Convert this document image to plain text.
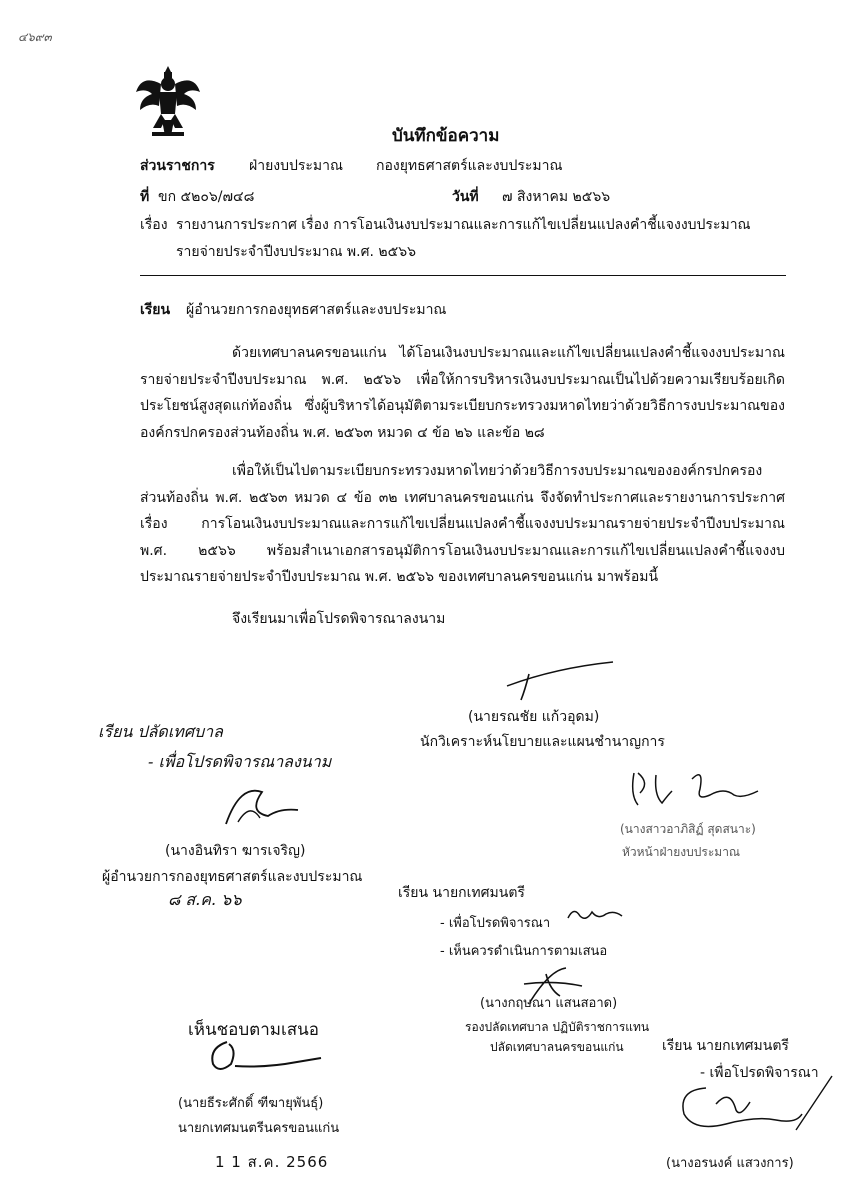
๔๖๙๓
บันทึกข้อความ
ส่วนราชการ ฝ่ายงบประมาณ กองยุทธศาสตร์และงบประมาณ
ที่ ขก ๕๒๐๖/๗๔๘	วันที่ ๗ สิงหาคม ๒๕๖๖
เรื่อง รายงานการประกาศ เรื่อง การโอนเงินงบประมาณและการแก้ไขเปลี่ยนแปลงคำชี้แจงงบประมาณ
รายจ่ายประจำปีงบประมาณ พ.ศ. ๒๕๖๖
เรียน ผู้อำนวยการกองยุทธศาสตร์และงบประมาณ
ด้วยเทศบาลนครขอนแก่น ได้โอนเงินงบประมาณและแก้ไขเปลี่ยนแปลงคำชี้แจงงบประมาณรายจ่ายประจำปีงบประมาณ พ.ศ. ๒๕๖๖ เพื่อให้การบริหารเงินงบประมาณเป็นไปด้วยความเรียบร้อยเกิดประโยชน์สูงสุดแก่ท้องถิ่น ซึ่งผู้บริหารได้อนุมัติตามระเบียบกระทรวงมหาดไทยว่าด้วยวิธีการงบประมาณขององค์กรปกครองส่วนท้องถิ่น พ.ศ. ๒๕๖๓ หมวด ๔ ข้อ ๒๖ และข้อ ๒๘
เพื่อให้เป็นไปตามระเบียบกระทรวงมหาดไทยว่าด้วยวิธีการงบประมาณขององค์กรปกครองส่วนท้องถิ่น พ.ศ. ๒๕๖๓ หมวด ๔ ข้อ ๓๒ เทศบาลนครขอนแก่น จึงจัดทำประกาศและรายงานการประกาศ เรื่อง การโอนเงินงบประมาณและการแก้ไขเปลี่ยนแปลงคำชี้แจงงบประมาณรายจ่ายประจำปีงบประมาณ พ.ศ. ๒๕๖๖ พร้อมสำเนาเอกสารอนุมัติการโอนเงินงบประมาณและการแก้ไขเปลี่ยนแปลงคำชี้แจงงบประมาณรายจ่ายประจำปีงบประมาณ พ.ศ. ๒๕๖๖ ของเทศบาลนครขอนแก่น มาพร้อมนี้
จึงเรียนมาเพื่อโปรดพิจารณาลงนาม
(นายรณชัย แก้วอุดม)
นักวิเคราะห์นโยบายและแผนชำนาญการ
เรียน ปลัดเทศบาล
- เพื่อโปรดพิจารณาลงนาม
(นางอินทิรา ฆารเจริญ)
ผู้อำนวยการกองยุทธศาสตร์และงบประมาณ
๘ ส.ค. ๖๖
(นางสาวอาภิสิฏ์ สุดสนาะ)
หัวหน้าฝ่ายงบประมาณ
เรียน นายกเทศมนตรี
- เพื่อโปรดพิจารณา
- เห็นควรดำเนินการตามเสนอ
(นางกฤษณา แสนสอาด)
รองปลัดเทศบาล ปฏิบัติราชการแทน
ปลัดเทศบาลนครขอนแก่น
เห็นชอบตามเสนอ
(นายธีระศักดิ์ ฑีฆายุพันธุ์)
นายกเทศมนตรีนครขอนแก่น
1 1 ส.ค. 2566
เรียน นายกเทศมนตรี
- เพื่อโปรดพิจารณา
(นางอรนงค์ แสวงการ)
